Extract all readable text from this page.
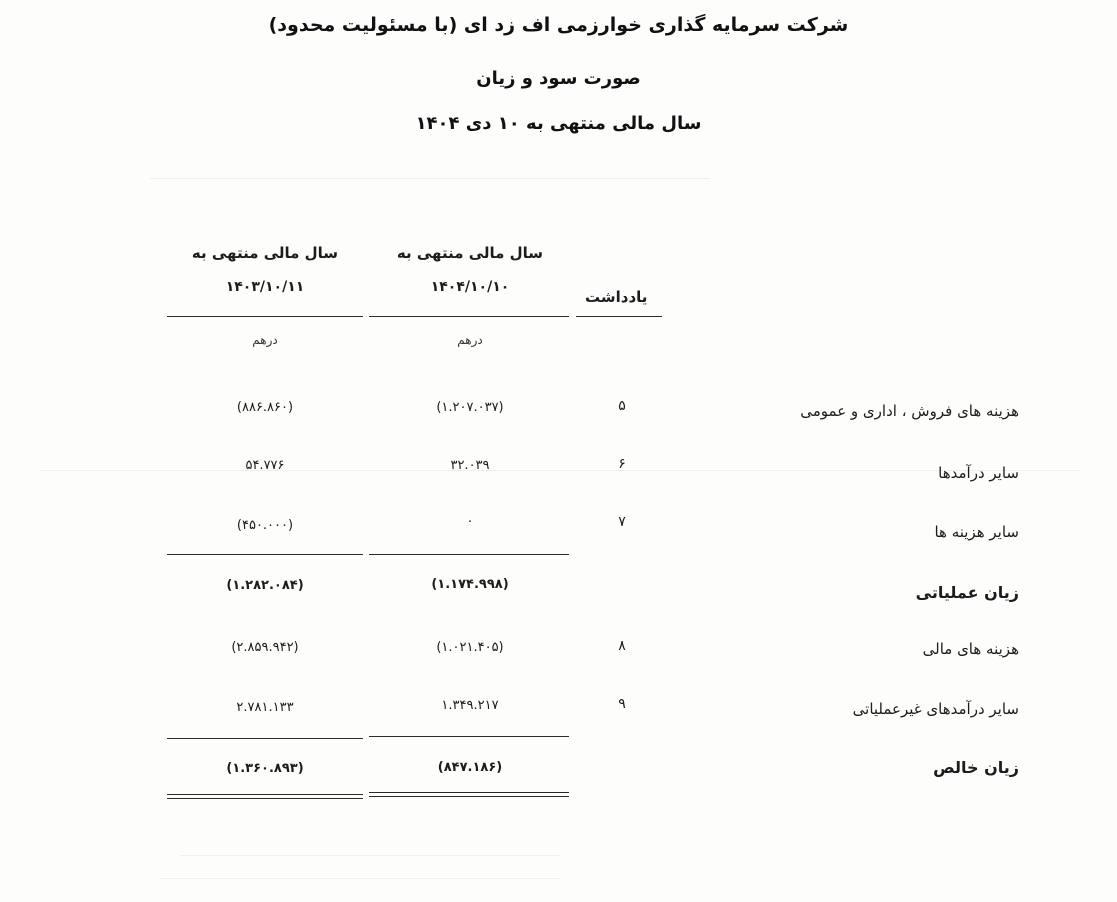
شرکت سرمایه گذاری خوارزمی اف زد ای (با مسئولیت محدود)
صورت سود و زیان
سال مالی منتهی به ۱۰ دی ۱۴۰۴
سال مالی منتهی به
۱۴۰۴/۱۰/۱۰
سال مالی منتهی به
۱۴۰۳/۱۰/۱۱
یادداشت
درهم	درهم
هزینه های فروش ، اداری و عمومی
۵
(۱.۲۰۷.۰۳۷)
(۸۸۶.۸۶۰)
سایر درآمدها
۶
۳۲.۰۳۹
۵۴.۷۷۶
سایر هزینه ها
۷
۰
(۴۵۰.۰۰۰)
زیان عملیاتی
(۱.۱۷۴.۹۹۸)
(۱.۲۸۲.۰۸۴)
هزینه های مالی
۸
(۱.۰۲۱.۴۰۵)
(۲.۸۵۹.۹۴۲)
سایر درآمدهای غیرعملیاتی
۹
۱.۳۴۹.۲۱۷
۲.۷۸۱.۱۳۳
زیان خالص
(۸۴۷.۱۸۶)
(۱.۳۶۰.۸۹۳)
